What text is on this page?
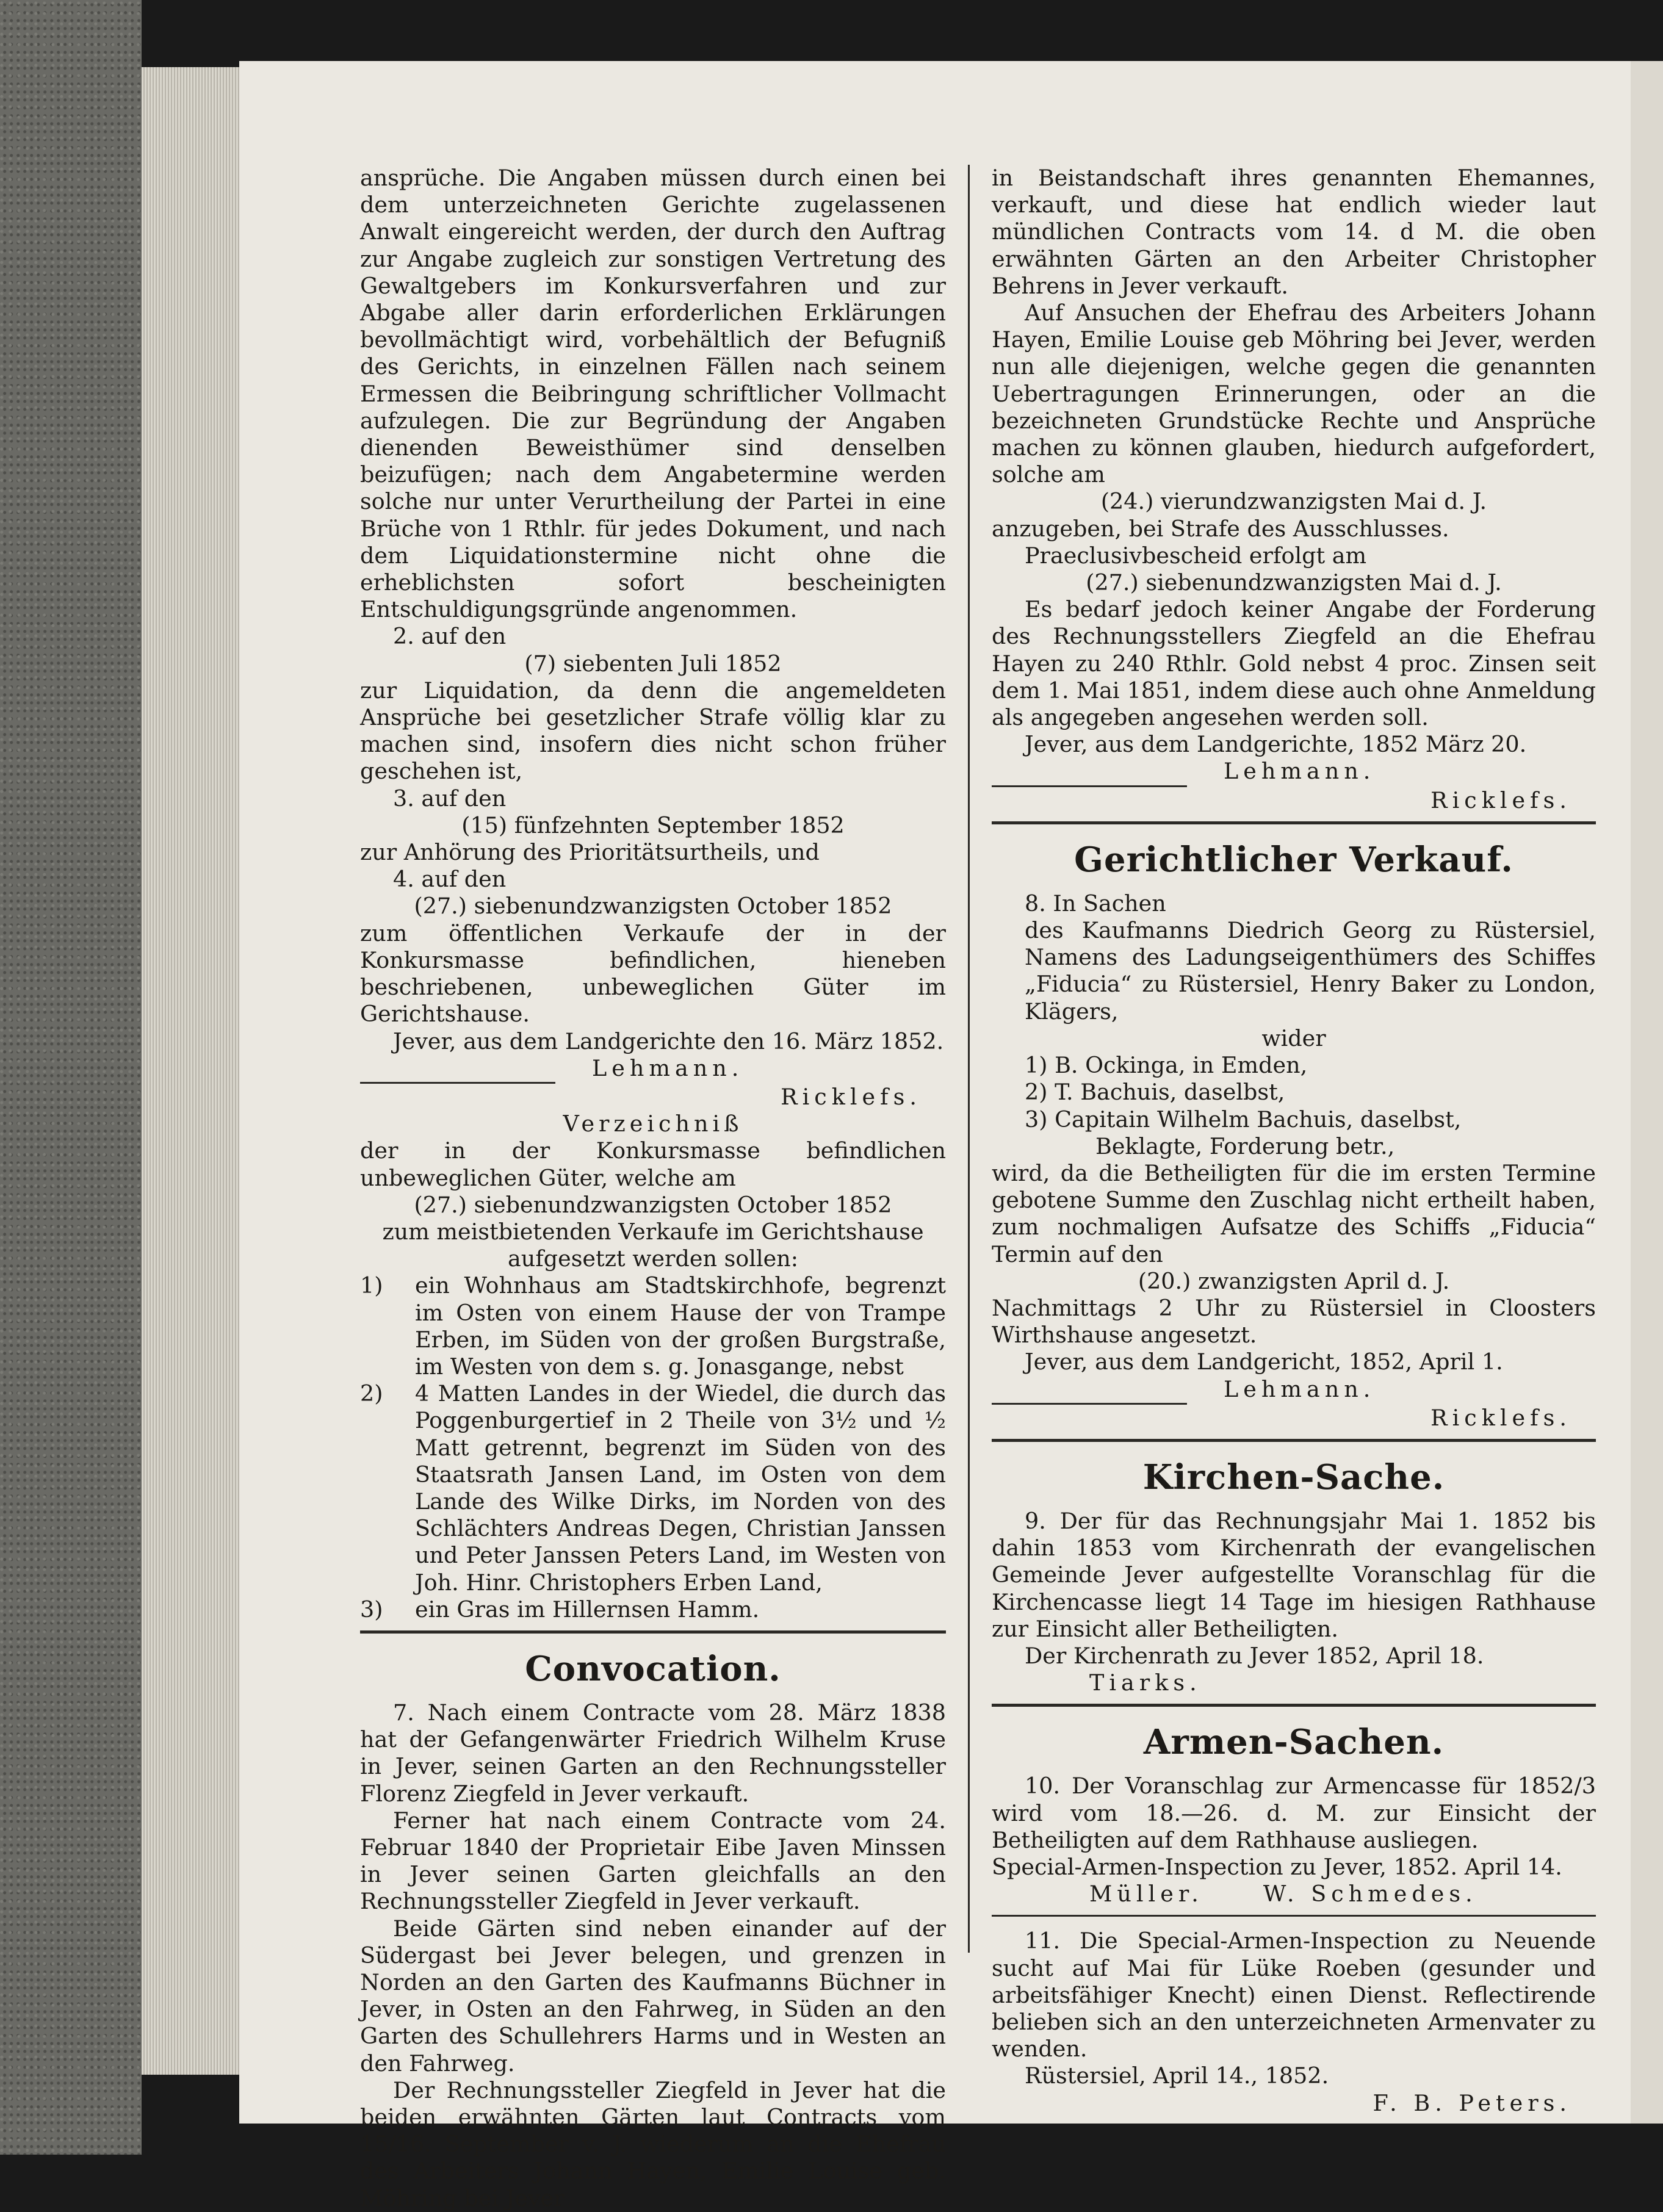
ansprüche. Die Angaben müssen durch einen bei dem unterzeichneten Gerichte zugelassenen Anwalt eingereicht werden, der durch den Auftrag zur Angabe zugleich zur sonstigen Vertretung des Gewaltgebers im Konkursverfahren und zur Abgabe aller darin erforderlichen Erklärungen bevollmächtigt wird, vorbehältlich der Befugniß des Gerichts, in einzelnen Fällen nach seinem Ermessen die Beibringung schriftlicher Vollmacht aufzulegen. Die zur Begründung der Angaben dienenden Beweisthümer sind denselben beizufügen; nach dem Angabetermine werden solche nur unter Verurtheilung der Partei in eine Brüche von 1 Rthlr. für jedes Dokument, und nach dem Liquidationstermine nicht ohne die erheblichsten sofort bescheinigten Entschuldigungsgründe angenommen.

2. auf den

(7) siebenten Juli 1852

zur Liquidation, da denn die angemeldeten Ansprüche bei gesetzlicher Strafe völlig klar zu machen sind, insofern dies nicht schon früher geschehen ist,

3. auf den

(15) fünfzehnten September 1852

zur Anhörung des Prioritätsurtheils, und

4. auf den

(27.) siebenundzwanzigsten October 1852

zum öffentlichen Verkaufe der in der Konkursmasse befindlichen, hieneben beschriebenen, unbeweglichen Güter im Gerichtshause.

Jever, aus dem Landgerichte den 16. März 1852.

Lehmann.

Ricklefs.

Verzeichniß

der in der Konkursmasse befindlichen unbeweglichen Güter, welche am

(27.) siebenundzwanzigsten October 1852

zum meistbietenden Verkaufe im Gerichtshause aufgesetzt werden sollen:

1)	ein Wohnhaus am Stadtskirchhofe, begrenzt im Osten von einem Hause der von Trampe Erben, im Süden von der großen Burgstraße, im Westen von dem s. g. Jonasgange, nebst
2)	4 Matten Landes in der Wiedel, die durch das Poggenburgertief in 2 Theile von 3½ und ½ Matt getrennt, begrenzt im Süden von des Staatsrath Jansen Land, im Osten von dem Lande des Wilke Dirks, im Norden von des Schlächters Andreas Degen, Christian Janssen und Peter Janssen Peters Land, im Westen von Joh. Hinr. Christophers Erben Land,
3)	ein Gras im Hillernsen Hamm.
Convocation.

7. Nach einem Contracte vom 28. März 1838 hat der Gefangenwärter Friedrich Wilhelm Kruse in Jever, seinen Garten an den Rechnungssteller Florenz Ziegfeld in Jever verkauft.

Ferner hat nach einem Contracte vom 24. Februar 1840 der Proprietair Eibe Javen Minssen in Jever seinen Garten gleichfalls an den Rechnungssteller Ziegfeld in Jever verkauft.

Beide Gärten sind neben einander auf der Südergast bei Jever belegen, und grenzen in Norden an den Garten des Kaufmanns Büchner in Jever, in Osten an den Fahrweg, in Süden an den Garten des Schullehrers Harms und in Westen an den Fahrweg.

Der Rechnungssteller Ziegfeld in Jever hat die beiden erwähnten Gärten laut Contracts vom 15/16. September v. J. wiederum an die Ehefrau des Arbeiters Johann Hayen, Emilie Louise geb. Möhring bei Jever

in Beistandschaft ihres genannten Ehemannes, verkauft, und diese hat endlich wieder laut mündlichen Contracts vom 14. d M. die oben erwähnten Gärten an den Arbeiter Christopher Behrens in Jever verkauft.

Auf Ansuchen der Ehefrau des Arbeiters Johann Hayen, Emilie Louise geb Möhring bei Jever, werden nun alle diejenigen, welche gegen die genannten Uebertragungen Erinnerungen, oder an die bezeichneten Grundstücke Rechte und Ansprüche machen zu können glauben, hiedurch aufgefordert, solche am

(24.) vierundzwanzigsten Mai d. J.

anzugeben, bei Strafe des Ausschlusses.

Praeclusivbescheid erfolgt am

(27.) siebenundzwanzigsten Mai d. J.

Es bedarf jedoch keiner Angabe der Forderung des Rechnungsstellers Ziegfeld an die Ehefrau Hayen zu 240 Rthlr. Gold nebst 4 proc. Zinsen seit dem 1. Mai 1851, indem diese auch ohne Anmeldung als angegeben angesehen werden soll.

Jever, aus dem Landgerichte, 1852 März 20.

Lehmann.

Ricklefs.

Gerichtlicher Verkauf.

8. In Sachen

des Kaufmanns Diedrich Georg zu Rüstersiel, Namens des Ladungseigenthümers des Schiffes „Fiducia“ zu Rüstersiel, Henry Baker zu London, Klägers,

wider

1) B. Ockinga, in Emden,

2) T. Bachuis, daselbst,

3) Capitain Wilhelm Bachuis, daselbst,

Beklagte, Forderung betr.,

wird, da die Betheiligten für die im ersten Termine gebotene Summe den Zuschlag nicht ertheilt haben, zum nochmaligen Aufsatze des Schiffs „Fiducia“ Termin auf den

(20.) zwanzigsten April d. J.

Nachmittags 2 Uhr zu Rüstersiel in Cloosters Wirthshause angesetzt.

Jever, aus dem Landgericht, 1852, April 1.

Lehmann.

Ricklefs.

Kirchen-Sache.

9. Der für das Rechnungsjahr Mai 1. 1852 bis dahin 1853 vom Kirchenrath der evangelischen Gemeinde Jever aufgestellte Voranschlag für die Kirchencasse liegt 14 Tage im hiesigen Rathhause zur Einsicht aller Betheiligten.

Der Kirchenrath zu Jever 1852, April 18.

Tiarks.

Armen-Sachen.

10. Der Voranschlag zur Armencasse für 1852/3 wird vom 18.—26. d. M. zur Einsicht der Betheiligten auf dem Rathhause ausliegen.

Special-Armen-Inspection zu Jever, 1852. April 14.

Müller.     W. Schmedes.

11. Die Special-Armen-Inspection zu Neuende sucht auf Mai für Lüke Roeben (gesunder und arbeitsfähiger Knecht) einen Dienst. Reflectirende belieben sich an den unterzeichneten Armenvater zu wenden.

Rüstersiel, April 14., 1852.

F. B. Peters.
